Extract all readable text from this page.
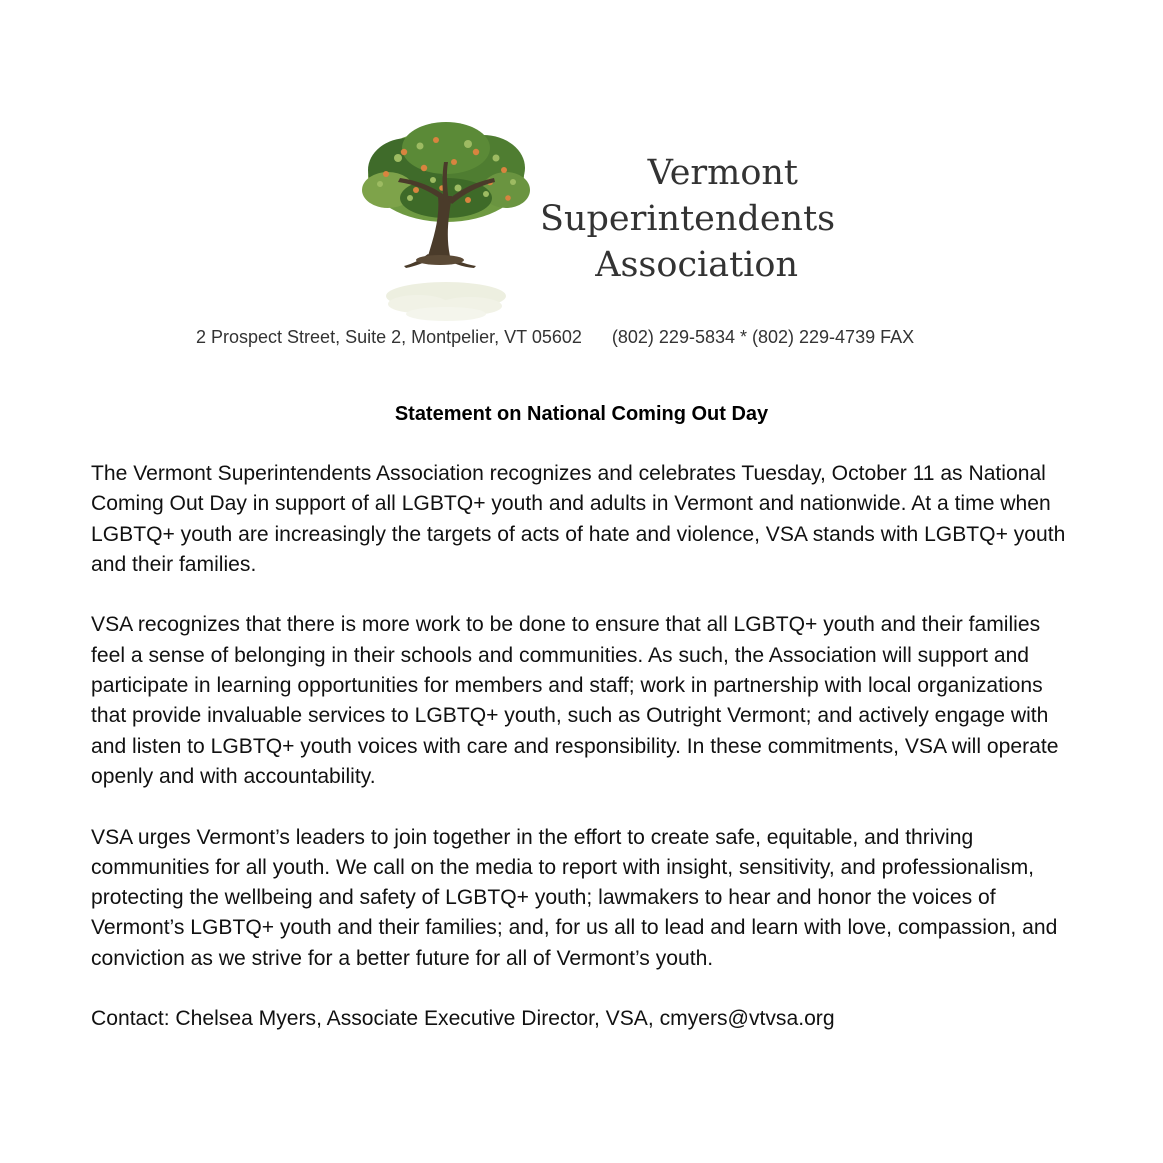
Vermont
Superintendents
Association
2 Prospect Street, Suite 2, Montpelier, VT 05602      (802) 229-5834 * (802) 229-4739 FAX
Statement on National Coming Out Day

The Vermont Superintendents Association recognizes and celebrates Tuesday, October 11 as National Coming Out Day in support of all LGBTQ+ youth and adults in Vermont and nationwide. At a time when LGBTQ+ youth are increasingly the targets of acts of hate and violence, VSA stands with LGBTQ+ youth and their families.

VSA recognizes that there is more work to be done to ensure that all LGBTQ+ youth and their families feel a sense of belonging in their schools and communities. As such, the Association will support and participate in learning opportunities for members and staff; work in partnership with local organizations that provide invaluable services to LGBTQ+ youth, such as Outright Vermont; and actively engage with and listen to LGBTQ+ youth voices with care and responsibility. In these commitments, VSA will operate openly and with accountability.

VSA urges Vermont’s leaders to join together in the effort to create safe, equitable, and thriving communities for all youth. We call on the media to report with insight, sensitivity, and professionalism, protecting the wellbeing and safety of LGBTQ+ youth; lawmakers to hear and honor the voices of Vermont’s LGBTQ+ youth and their families; and, for us all to lead and learn with love, compassion, and conviction as we strive for a better future for all of Vermont’s youth.

Contact: Chelsea Myers, Associate Executive Director, VSA, cmyers@vtvsa.org
